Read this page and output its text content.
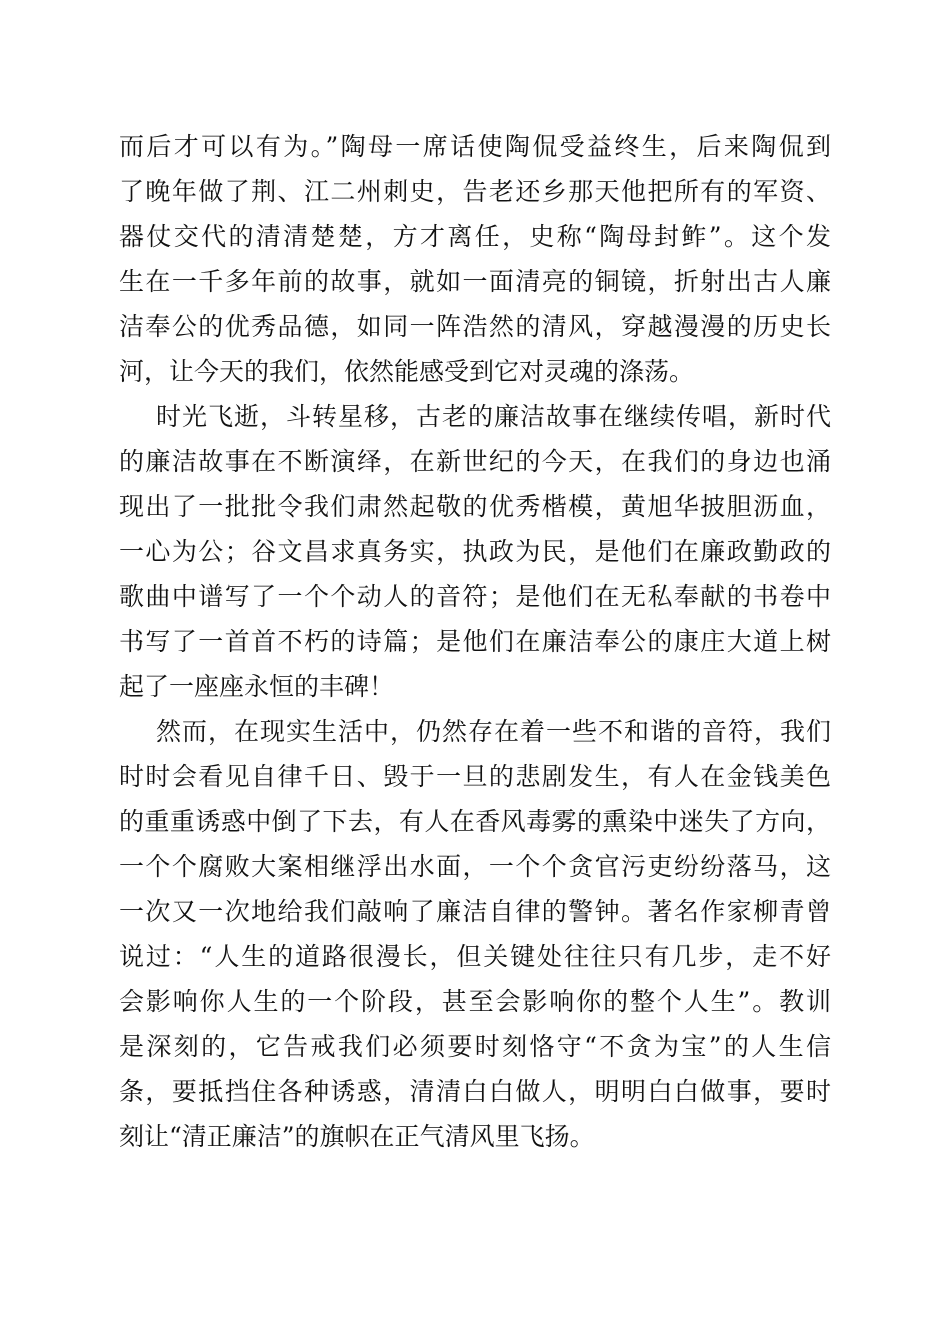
而后才可以有为。”陶母一席话使陶侃受益终生，后来陶侃到
了晚年做了荆、江二州刺史，告老还乡那天他把所有的军资、
器仗交代的清清楚楚，方才离任，史称“陶母封鲊”。这个发
生在一千多年前的故事，就如一面清亮的铜镜，折射出古人廉
洁奉公的优秀品德，如同一阵浩然的清风，穿越漫漫的历史长
河，让今天的我们，依然能感受到它对灵魂的涤荡。
时光飞逝，斗转星移，古老的廉洁故事在继续传唱，新时代
的廉洁故事在不断演绎，在新世纪的今天，在我们的身边也涌
现出了一批批令我们肃然起敬的优秀楷模，黄旭华披胆沥血，
一心为公；谷文昌求真务实，执政为民，是他们在廉政勤政的
歌曲中谱写了一个个动人的音符；是他们在无私奉献的书卷中
书写了一首首不朽的诗篇；是他们在廉洁奉公的康庄大道上树
起了一座座永恒的丰碑！
然而，在现实生活中，仍然存在着一些不和谐的音符，我们
时时会看见自律千日、毁于一旦的悲剧发生，有人在金钱美色
的重重诱惑中倒了下去，有人在香风毒雾的熏染中迷失了方向，
一个个腐败大案相继浮出水面，一个个贪官污吏纷纷落马，这
一次又一次地给我们敲响了廉洁自律的警钟。著名作家柳青曾
说过：“人生的道路很漫长，但关键处往往只有几步，走不好
会影响你人生的一个阶段，甚至会影响你的整个人生”。教训
是深刻的，它告戒我们必须要时刻恪守“不贪为宝”的人生信
条，要抵挡住各种诱惑，清清白白做人，明明白白做事，要时
刻让“清正廉洁”的旗帜在正气清风里飞扬。
